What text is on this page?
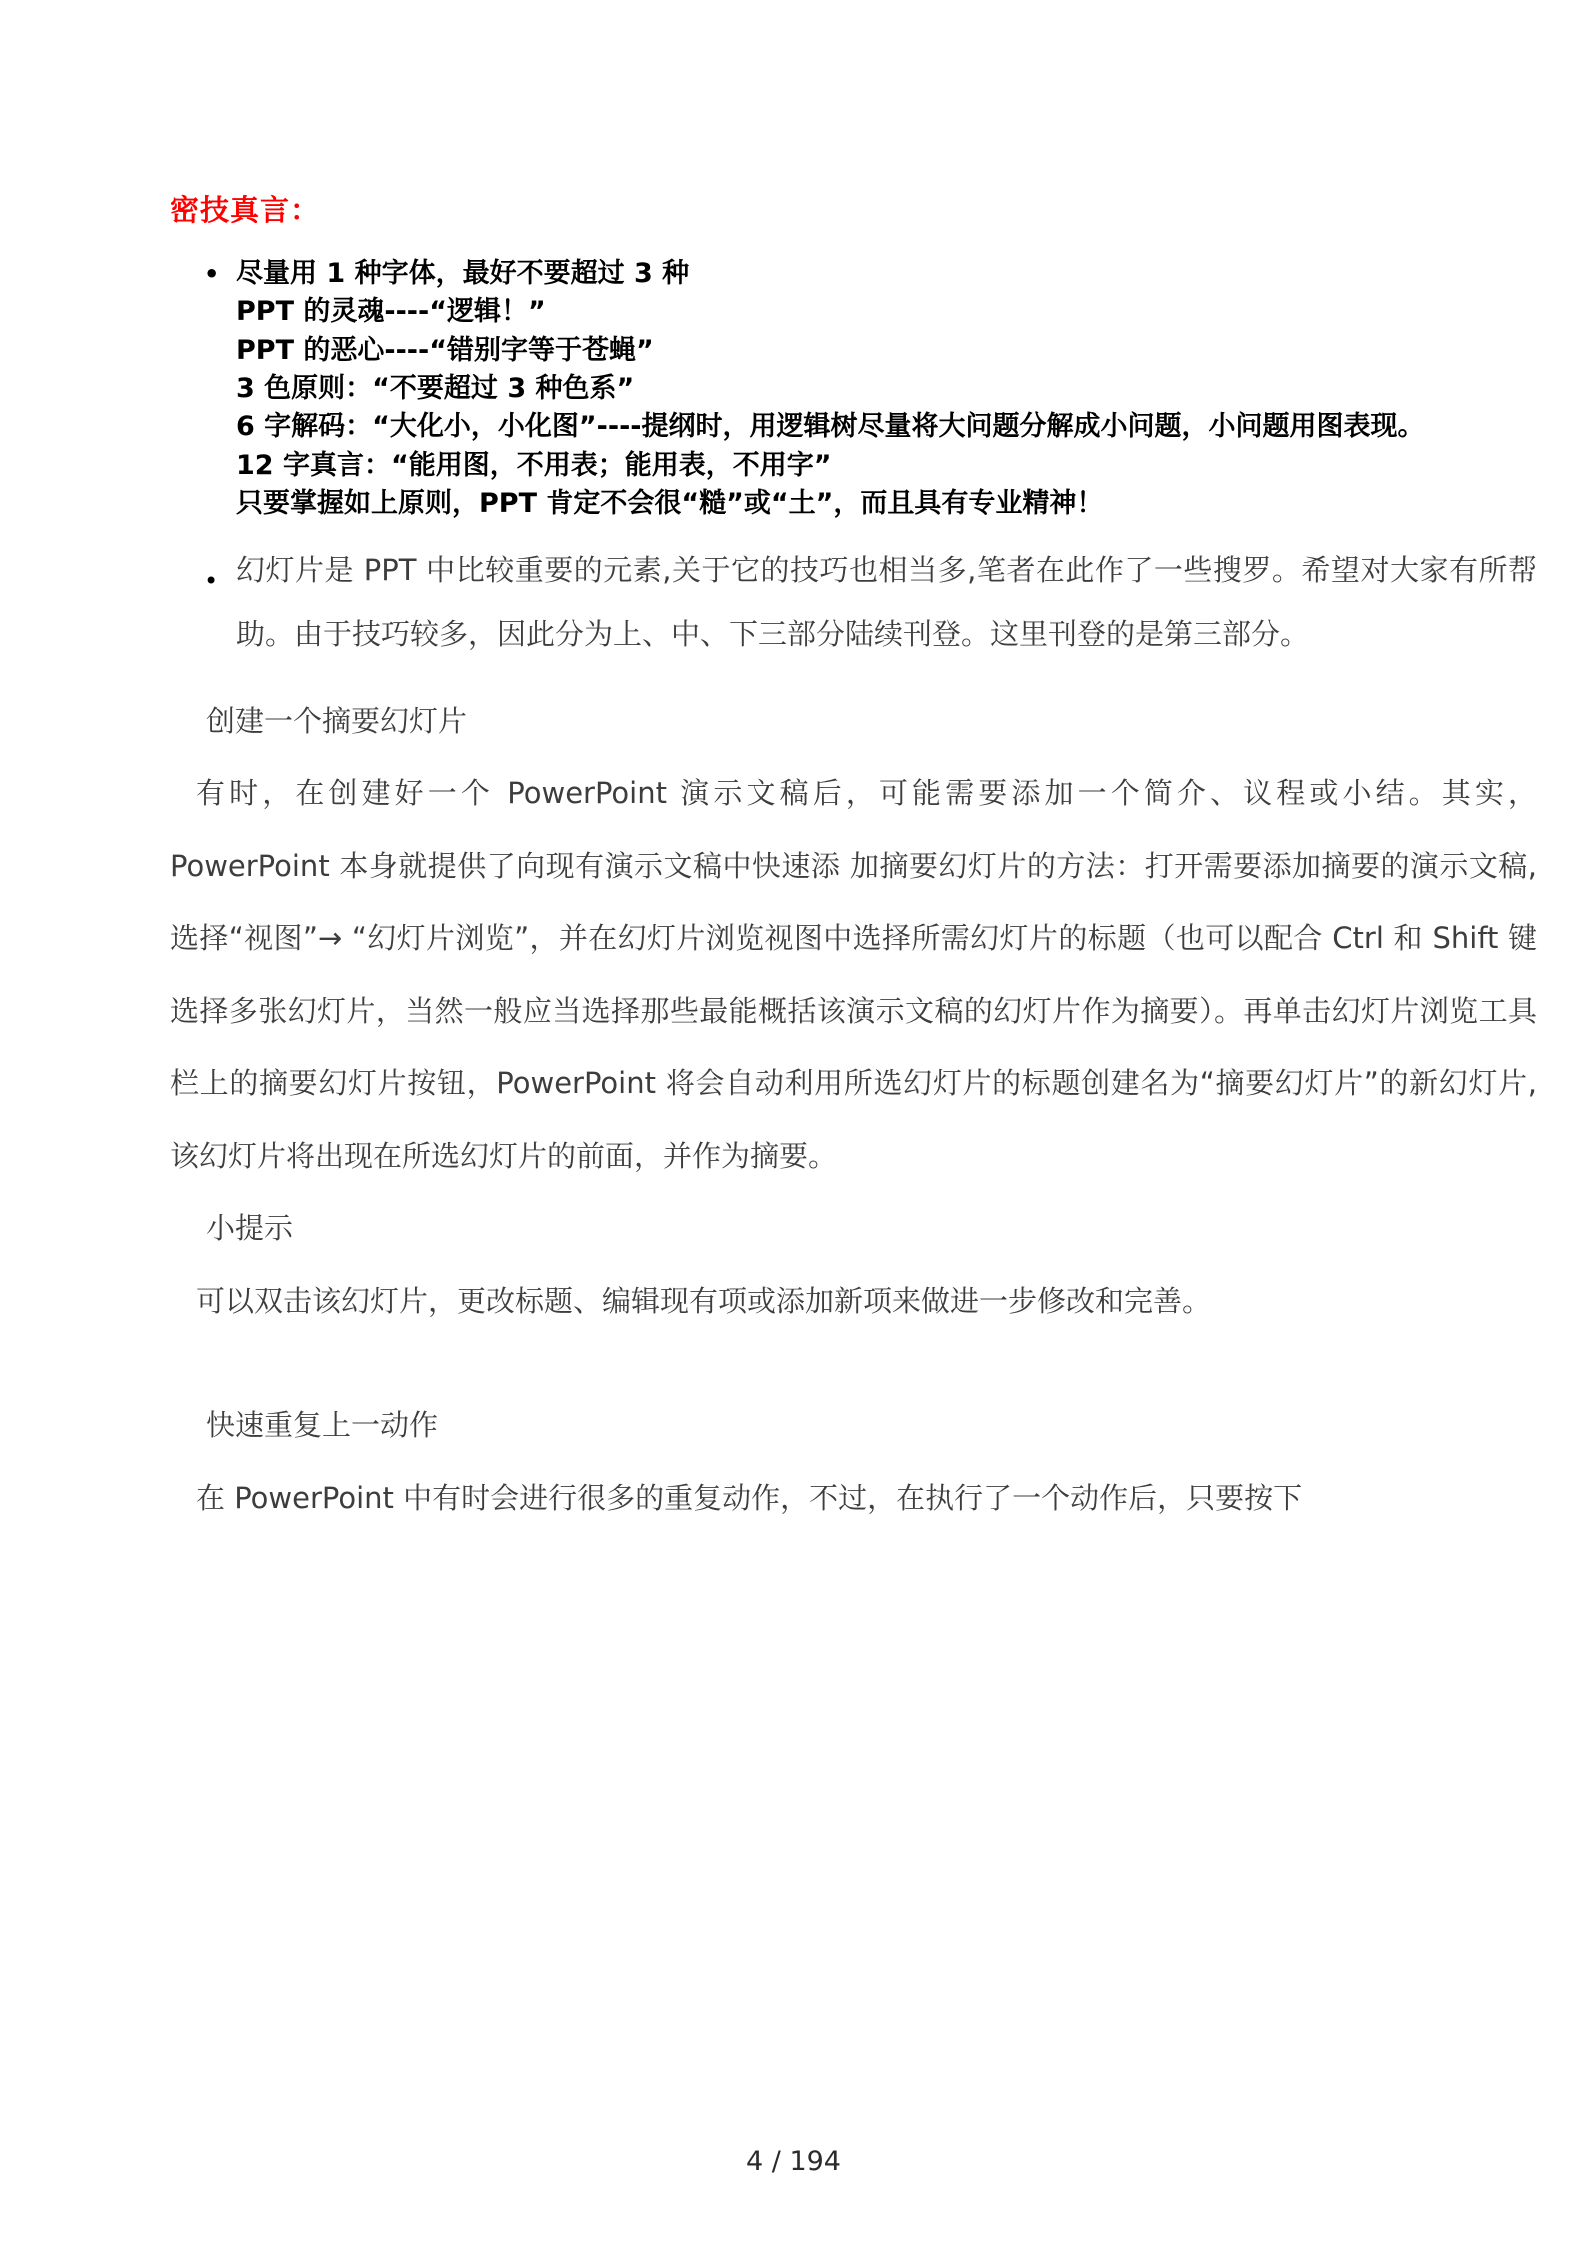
密技真言：
• 尽量用 1 种字体，最好不要超过 3 种
PPT 的灵魂----“逻辑！”
PPT 的恶心----“错别字等于苍蝇”
3 色原则：“不要超过 3 种色系”
6 字解码：“大化小，小化图”----提纲时，用逻辑树尽量将大问题分解成小问题，小问题用图表现。
12 字真言：“能用图，不用表；能用表，不用字”
只要掌握如上原则，PPT 肯定不会很“糙”或“土”，而且具有专业精神！
• 幻灯片是 PPT 中比较重要的元素,关于它的技巧也相当多,笔者在此作了一些搜罗。希望对大家有所帮助。由于技巧较多，因此分为上、中、下三部分陆续刊登。这里刊登的是第三部分。
创建一个摘要幻灯片
有时，在创建好一个 PowerPoint 演示文稿后，可能需要添加一个简介、议程或小结。其实，PowerPoint 本身就提供了向现有演示文稿中快速添 加摘要幻灯片的方法：打开需要添加摘要的演示文稿,选择“视图”→ “幻灯片浏览”，并在幻灯片浏览视图中选择所需幻灯片的标题（也可以配合 Ctrl 和 Shift 键选择多张幻灯片，当然一般应当选择那些最能概括该演示文稿的幻灯片作为摘要）。再单击幻灯片浏览工具栏上的摘要幻灯片按钮，PowerPoint 将会自动利用所选幻灯片的标题创建名为“摘要幻灯片”的新幻灯片,该幻灯片将出现在所选幻灯片的前面，并作为摘要。
小提示
可以双击该幻灯片，更改标题、编辑现有项或添加新项来做进一步修改和完善。
快速重复上一动作
在 PowerPoint 中有时会进行很多的重复动作，不过，在执行了一个动作后，只要按下
4 / 194
